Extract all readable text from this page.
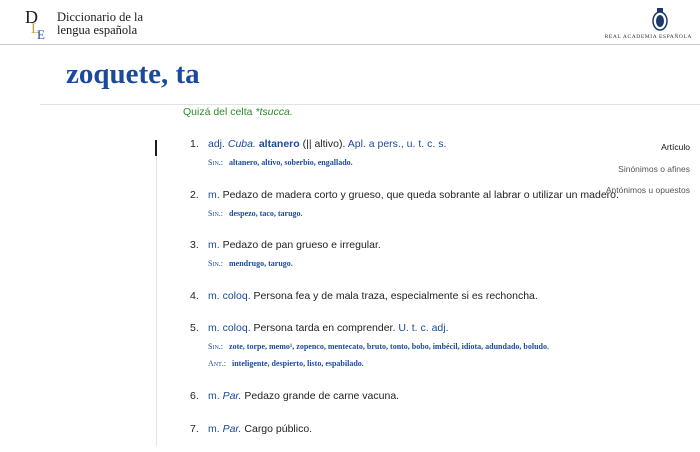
D
L
E
Diccionario de la
lengua española
REAL ACADEMIA ESPAÑOLA
zoquete, ta
Quizá del celta *tsucca.
Artículo
Sinónimos o afines
Antónimos u opuestos
1. adj. Cuba. altanero (|| altivo). Apl. a pers., u. t. c. s.
Sin.: altanero, altivo, soberbio, engallado.
2. m. Pedazo de madera corto y grueso, que queda sobrante al labrar o utilizar un madero.
Sin.: despezo, taco, tarugo.
3. m. Pedazo de pan grueso e irregular.
Sin.: mendrugo, tarugo.
4. m. coloq. Persona fea y de mala traza, especialmente si es rechoncha.
5. m. coloq. Persona tarda en comprender. U. t. c. adj.
Sin.: zote, torpe, memo¹, zopenco, mentecato, bruto, tonto, bobo, imbécil, idiota, adundado, boludo.
Ant.: inteligente, despierto, listo, espabilado.
6. m. Par. Pedazo grande de carne vacuna.
7. m. Par. Cargo público.
